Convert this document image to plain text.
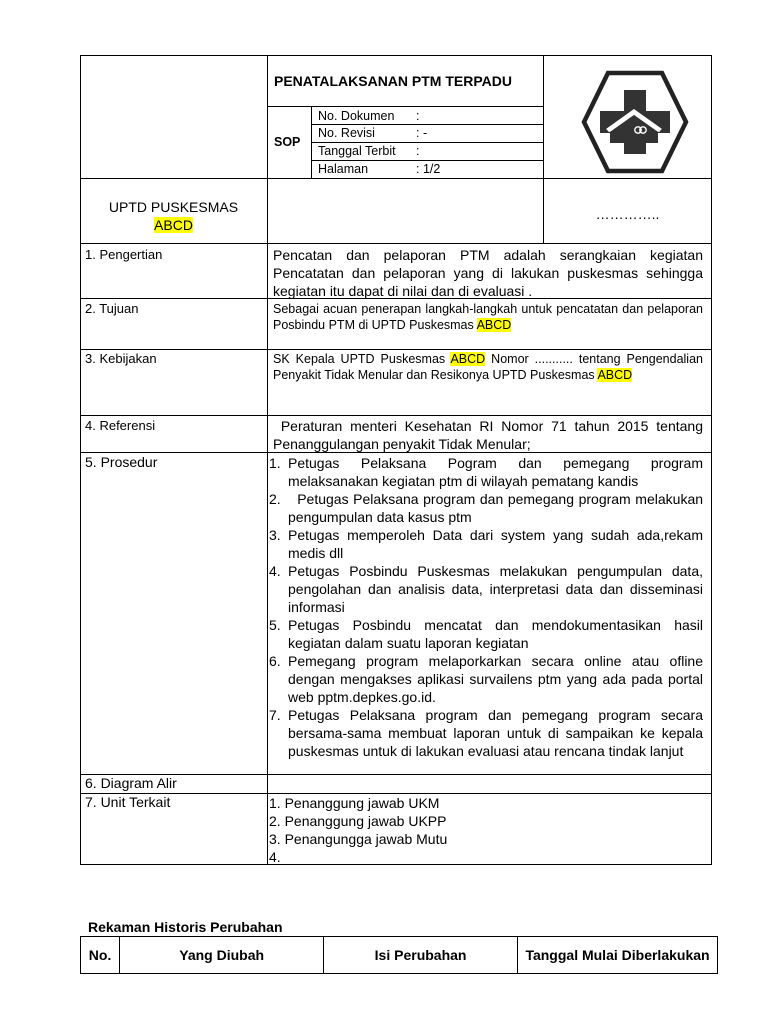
PENATALAKSANAN PTM TERPADU
SOP
No. Dokumen :
No. Revisi	: -
Tanggal Terbit :
Halaman	: 1/2
UPTD PUSKESMAS
ABCD
…………..
1. Pengertian	Pencatan dan pelaporan PTM adalah serangkaian kegiatan Pencatatan dan pelaporan yang di lakukan puskesmas sehingga kegiatan itu dapat di nilai dan di evaluasi .
2. Tujuan	Sebagai acuan penerapan langkah-langkah untuk pencatatan dan pelaporan Posbindu PTM di UPTD Puskesmas ABCD
3. Kebijakan	SK Kepala UPTD Puskesmas ABCD Nomor ........... tentang Pengendalian Penyakit Tidak Menular dan Resikonya UPTD Puskesmas ABCD
4. Referensi	Peraturan menteri Kesehatan RI Nomor 71 tahun 2015 tentang Penanggulangan penyakit Tidak Menular;
5. Prosedur	1. Petugas Pelaksana Pogram dan pemegang program melaksanakan kegiatan ptm di wilayah pematang kandis
2. Petugas Pelaksana program dan pemegang program melakukan pengumpulan data kasus ptm
3. Petugas memperoleh Data dari system yang sudah ada,rekam medis dll
4. Petugas Posbindu Puskesmas melakukan pengumpulan data, pengolahan dan analisis data, interpretasi data dan disseminasi informasi
5. Petugas Posbindu mencatat dan mendokumentasikan hasil kegiatan dalam suatu laporan kegiatan
6. Pemegang program melaporkarkan secara online atau ofline dengan mengakses aplikasi survailens ptm yang ada pada portal web pptm.depkes.go.id.
7. Petugas Pelaksana program dan pemegang program secara bersama-sama membuat laporan untuk di sampaikan ke kepala puskesmas untuk di lakukan evaluasi atau rencana tindak lanjut
6. Diagram Alir
7. Unit Terkait	1. Penanggung jawab UKM
2. Penanggung jawab UKPP
3. Penangungga jawab Mutu
4.
Rekaman Historis Perubahan
No.	Yang Diubah	Isi Perubahan	Tanggal Mulai Diberlakukan
